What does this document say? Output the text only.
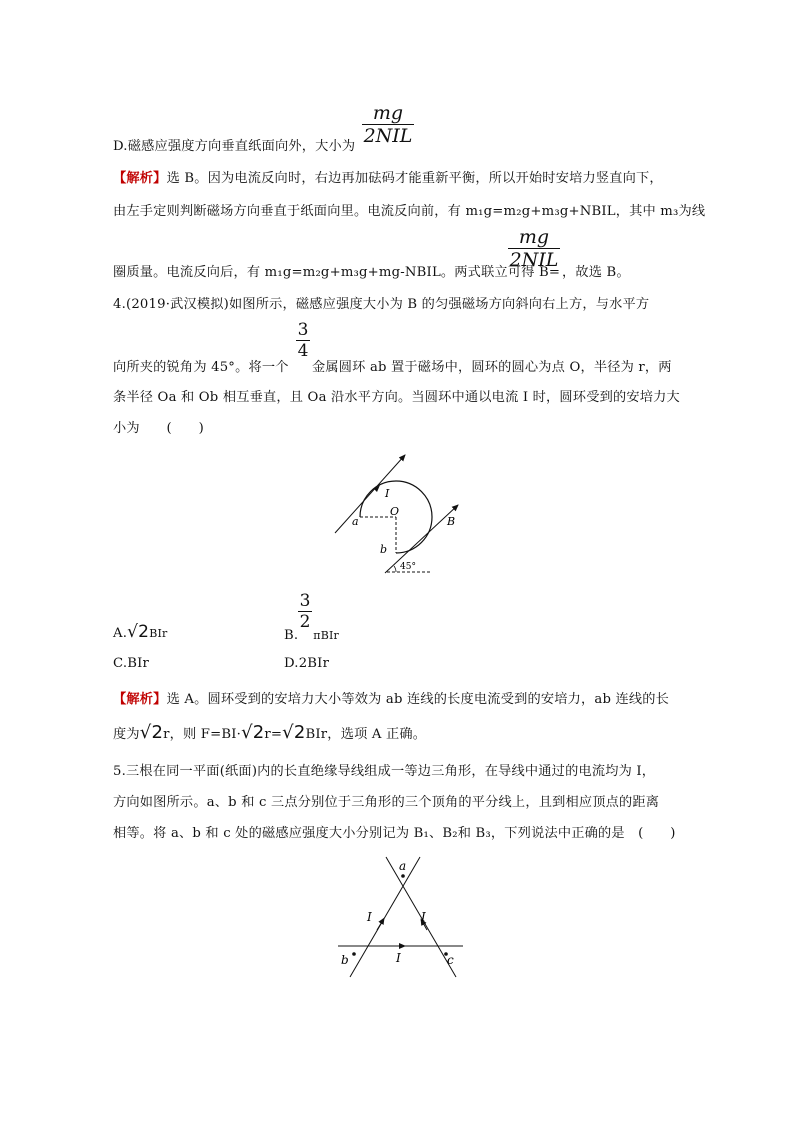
mg
2NIL
D.磁感应强度方向垂直纸面向外，大小为
【解析】选 B。因为电流反向时，右边再加砝码才能重新平衡，所以开始时安培力竖直向下，
由左手定则判断磁场方向垂直于纸面向里。电流反向前，有 m₁g=m₂g+m₃g+NBIL，其中 m₃为线
mg
2NIL
圈质量。电流反向后，有 m₁g=m₂g+m₃g+mg-NBIL。两式联立可得 B= ，故选 B。
4.(2019·武汉模拟)如图所示，磁感应强度大小为 B 的匀强磁场方向斜向右上方，与水平方
3
4
向所夹的锐角为 45°。将一个 金属圆环 ab 置于磁场中，圆环的圆心为点 O，半径为 r，两
条半径 Oa 和 Ob 相互垂直，且 Oa 沿水平方向。当圆环中通以电流 I 时，圆环受到的安培力大
小为　　(　　)
I
O
a
b
B
45°
3
2
A.√2BIr	B. πBIr
C.BIr	D.2BIr
【解析】选 A。圆环受到的安培力大小等效为 ab 连线的长度电流受到的安培力，ab 连线的长
度为√2r，则 F=BI·√2r=√2BIr，选项 A 正确。
5.三根在同一平面(纸面)内的长直绝缘导线组成一等边三角形，在导线中通过的电流均为 I，
方向如图所示。a、b 和 c 三点分别位于三角形的三个顶角的平分线上，且到相应顶点的距离
相等。将 a、b 和 c 处的磁感应强度大小分别记为 B₁、B₂和 B₃，下列说法中正确的是　(　　)
a
b	c
I	I
I
